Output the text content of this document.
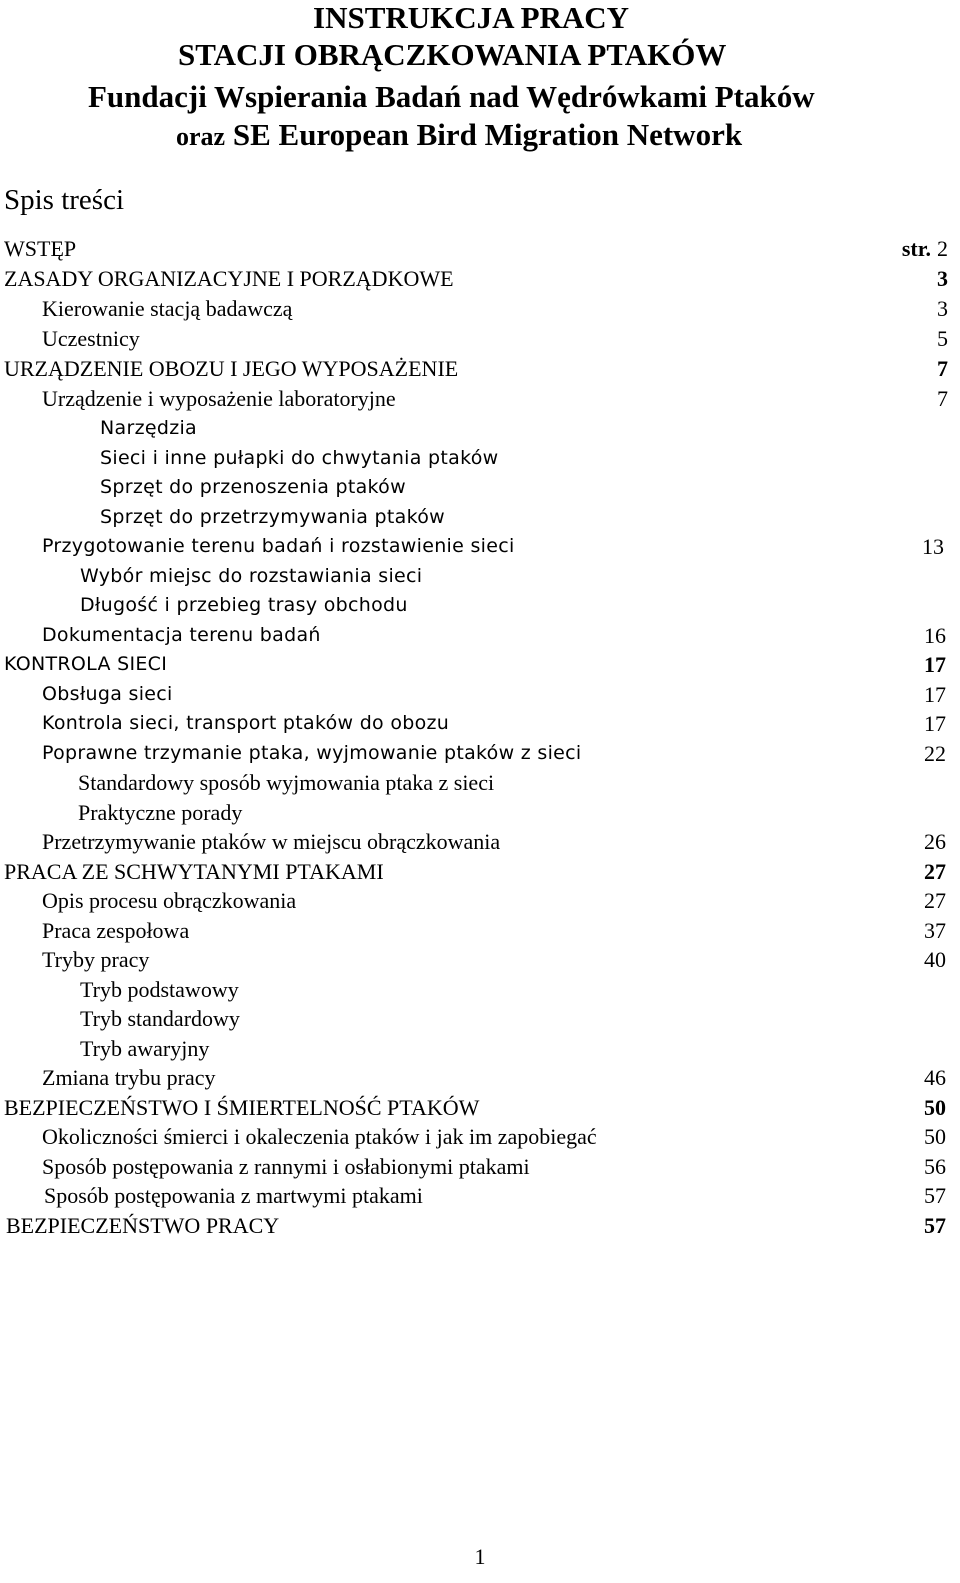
INSTRUKCJA PRACY
STACJI OBRĄCZKOWANIA PTAKÓW
Fundacji Wspierania Badań nad Wędrówkami Ptaków
oraz SE European Bird Migration Network
Spis treści
WSTĘP	str. 2
ZASADY ORGANIZACYJNE I PORZĄDKOWE	3
Kierowanie stacją badawczą	3
Uczestnicy	5
URZĄDZENIE OBOZU I JEGO WYPOSAŻENIE	7
Urządzenie i wyposażenie laboratoryjne	7
Narzędzia
Sieci i inne pułapki do chwytania ptaków
Sprzęt do przenoszenia ptaków
Sprzęt do przetrzymywania ptaków
Przygotowanie terenu badań i rozstawienie sieci	13
Wybór miejsc do rozstawiania sieci
Długość i przebieg trasy obchodu
Dokumentacja terenu badań	16
KONTROLA SIECI	17
Obsługa sieci	17
Kontrola sieci, transport ptaków do obozu	17
Poprawne trzymanie ptaka, wyjmowanie ptaków z sieci	22
Standardowy sposób wyjmowania ptaka z sieci
Praktyczne porady
Przetrzymywanie ptaków w miejscu obrączkowania	26
PRACA ZE SCHWYTANYMI PTAKAMI	27
Opis procesu obrączkowania	27
Praca zespołowa	37
Tryby pracy	40
Tryb podstawowy
Tryb standardowy
Tryb awaryjny
Zmiana trybu pracy	46
BEZPIECZEŃSTWO I ŚMIERTELNOŚĆ PTAKÓW	50
Okoliczności śmierci i okaleczenia ptaków i jak im zapobiegać	50
Sposób postępowania z rannymi i osłabionymi ptakami	56
Sposób postępowania z martwymi ptakami	57
BEZPIECZEŃSTWO PRACY	57
1
